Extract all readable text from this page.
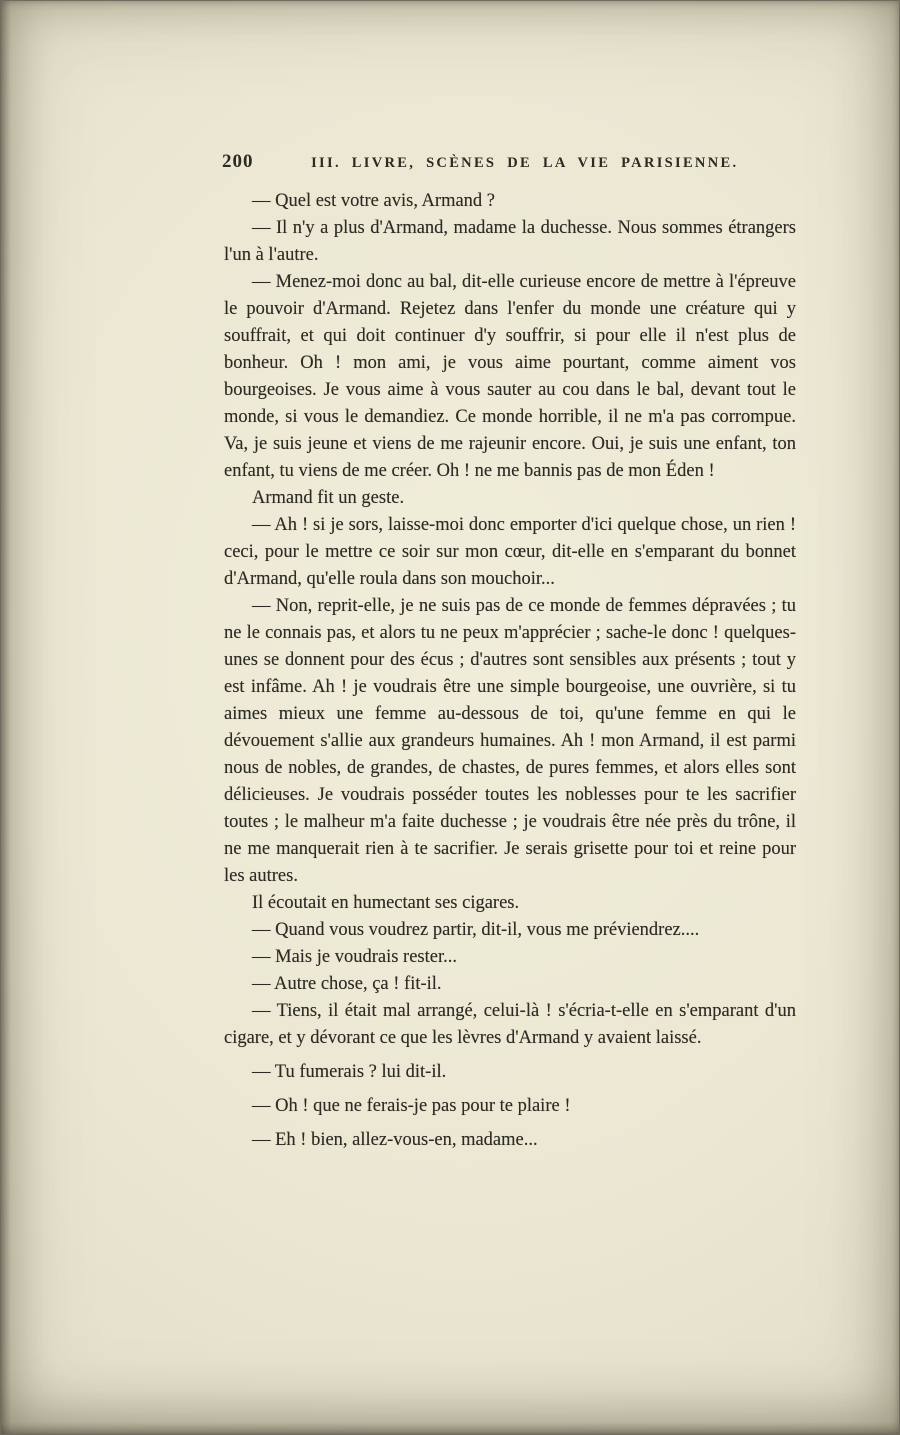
200	III. LIVRE, SCÈNES DE LA VIE PARISIENNE.

— Quel est votre avis, Armand ?

— Il n'y a plus d'Armand, madame la duchesse. Nous sommes étrangers l'un à l'autre.

— Menez-moi donc au bal, dit-elle curieuse encore de mettre à l'épreuve le pouvoir d'Armand. Rejetez dans l'enfer du monde une créature qui y souffrait, et qui doit continuer d'y souffrir, si pour elle il n'est plus de bonheur. Oh ! mon ami, je vous aime pourtant, comme aiment vos bourgeoises. Je vous aime à vous sauter au cou dans le bal, devant tout le monde, si vous le demandiez. Ce monde horrible, il ne m'a pas corrompue. Va, je suis jeune et viens de me rajeunir encore. Oui, je suis une enfant, ton enfant, tu viens de me créer. Oh ! ne me bannis pas de mon Éden !

Armand fit un geste.

— Ah ! si je sors, laisse-moi donc emporter d'ici quelque chose, un rien ! ceci, pour le mettre ce soir sur mon cœur, dit-elle en s'emparant du bonnet d'Armand, qu'elle roula dans son mouchoir...

— Non, reprit-elle, je ne suis pas de ce monde de femmes dépravées ; tu ne le connais pas, et alors tu ne peux m'apprécier ; sache-le donc ! quelques-unes se donnent pour des écus ; d'autres sont sensibles aux présents ; tout y est infâme. Ah ! je voudrais être une simple bourgeoise, une ouvrière, si tu aimes mieux une femme au-dessous de toi, qu'une femme en qui le dévouement s'allie aux grandeurs humaines. Ah ! mon Armand, il est parmi nous de nobles, de grandes, de chastes, de pures femmes, et alors elles sont délicieuses. Je voudrais posséder toutes les noblesses pour te les sacrifier toutes ; le malheur m'a faite duchesse ; je voudrais être née près du trône, il ne me manquerait rien à te sacrifier. Je serais grisette pour toi et reine pour les autres.

Il écoutait en humectant ses cigares.

— Quand vous voudrez partir, dit-il, vous me préviendrez....

— Mais je voudrais rester...

— Autre chose, ça ! fit-il.

— Tiens, il était mal arrangé, celui-là ! s'écria-t-elle en s'emparant d'un cigare, et y dévorant ce que les lèvres d'Armand y avaient laissé.

— Tu fumerais ? lui dit-il.

— Oh ! que ne ferais-je pas pour te plaire !

— Eh ! bien, allez-vous-en, madame...
